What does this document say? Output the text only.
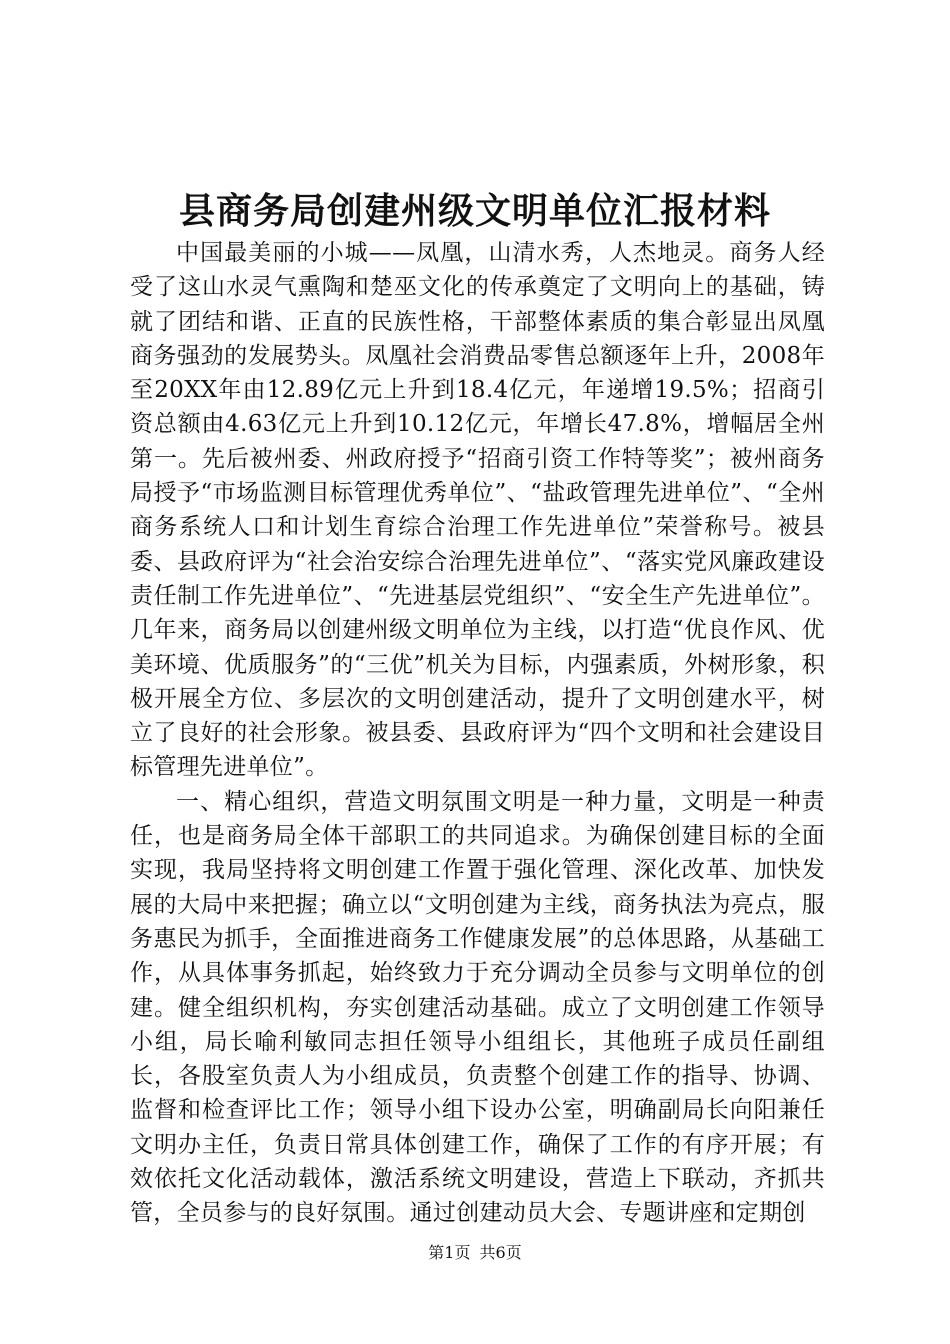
县商务局创建州级文明单位汇报材料

中国最美丽的小城——凤凰，山清水秀，人杰地灵。商务人经受了这山水灵气熏陶和楚巫文化的传承奠定了文明向上的基础，铸就了团结和谐、正直的民族性格，干部整体素质的集合彰显出凤凰商务强劲的发展势头。凤凰社会消费品零售总额逐年上升，2008年至20XX年由12.89亿元上升到18.4亿元，年递增19.5%；招商引资总额由4.63亿元上升到10.12亿元，年增长47.8%，增幅居全州第一。先后被州委、州政府授予“招商引资工作特等奖”；被州商务局授予“市场监测目标管理优秀单位”、“盐政管理先进单位”、“全州商务系统人口和计划生育综合治理工作先进单位”荣誉称号。被县委、县政府评为“社会治安综合治理先进单位”、“落实党风廉政建设责任制工作先进单位”、“先进基层党组织”、“安全生产先进单位”。几年来，商务局以创建州级文明单位为主线，以打造“优良作风、优美环境、优质服务”的“三优”机关为目标，内强素质，外树形象，积极开展全方位、多层次的文明创建活动，提升了文明创建水平，树立了良好的社会形象。被县委、县政府评为“四个文明和社会建设目标管理先进单位”。

一、精心组织，营造文明氛围文明是一种力量，文明是一种责任，也是商务局全体干部职工的共同追求。为确保创建目标的全面实现，我局坚持将文明创建工作置于强化管理、深化改革、加快发展的大局中来把握；确立以“文明创建为主线，商务执法为亮点，服务惠民为抓手，全面推进商务工作健康发展”的总体思路，从基础工作，从具体事务抓起，始终致力于充分调动全员参与文明单位的创建。健全组织机构，夯实创建活动基础。成立了文明创建工作领导小组，局长喻利敏同志担任领导小组组长，其他班子成员任副组长，各股室负责人为小组成员，负责整个创建工作的指导、协调、监督和检查评比工作；领导小组下设办公室，明确副局长向阳兼任文明办主任，负责日常具体创建工作，确保了工作的有序开展；有效依托文化活动载体，激活系统文明建设，营造上下联动，齐抓共管，全员参与的良好氛围。通过创建动员大会、专题讲座和定期创

第1页 共6页
